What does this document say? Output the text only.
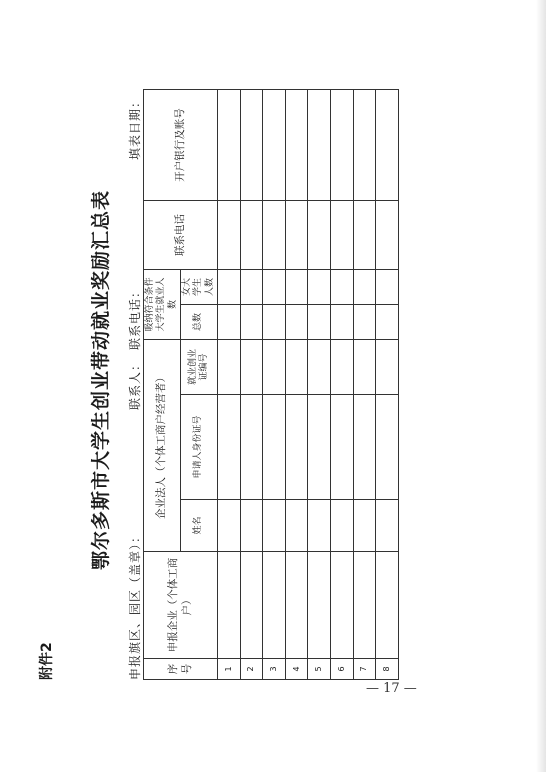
附件2
鄂尔多斯市大学生创业带动就业奖励汇总表
申报旗区、园区（盖章）：
联系人：
联系电话：
填表日期：
序号	申报企业（个体工商户）	企业法人（个体工商户经营者）			吸纳符合条件大学生就业人数		联系电话	开户银行及账号
		姓名	申请人身份证号	就业创业证编号	总数	女大学生人数		

1								
2								
3								
4								
5								
6								
7								
8								
— 17 —
